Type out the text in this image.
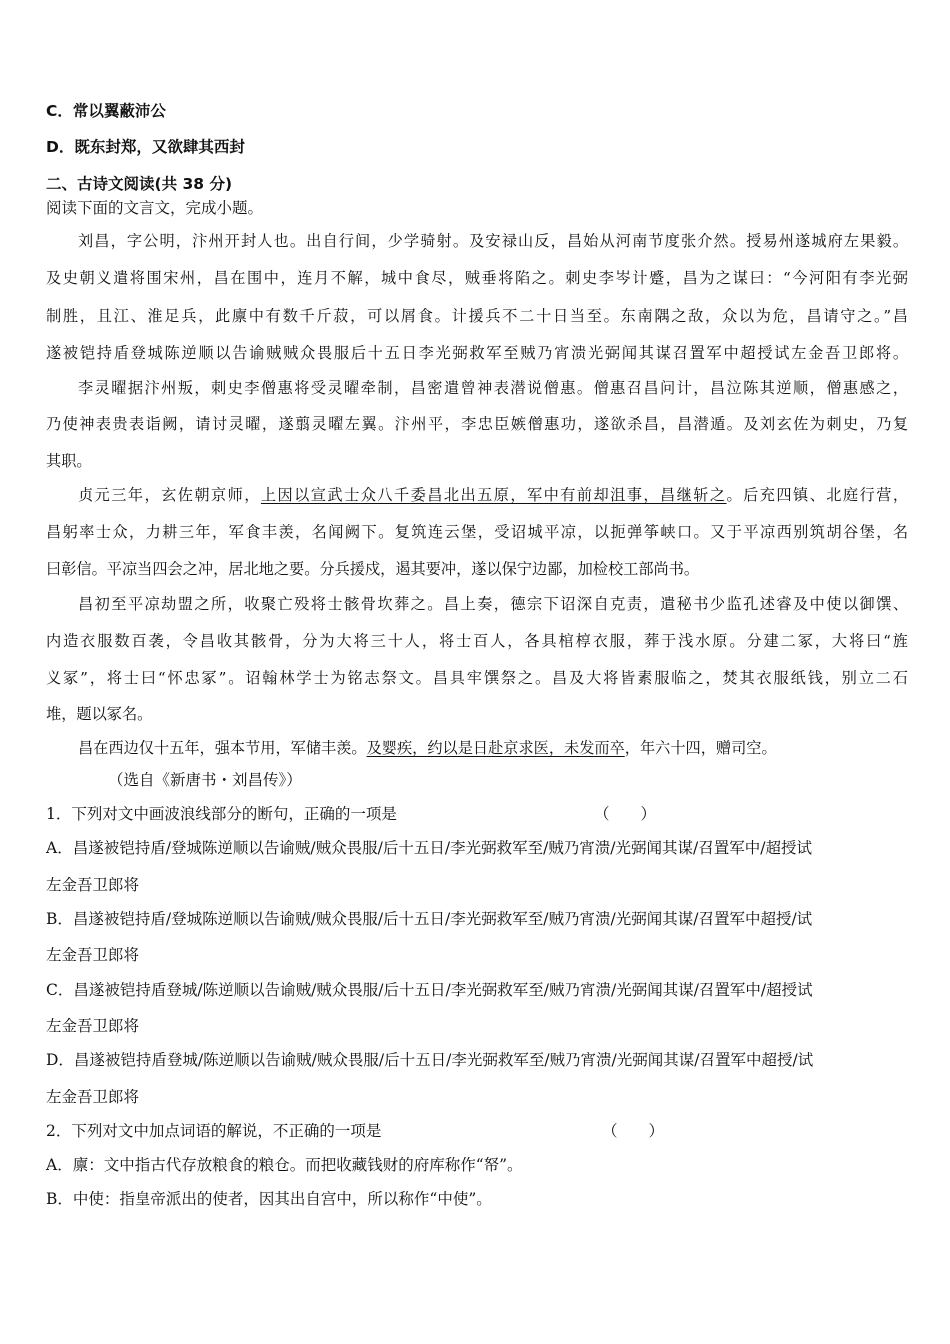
C．常以翼蔽沛公
D．既东封郑，又欲肆其西封
二、古诗文阅读(共 38 分)
阅读下面的文言文，完成小题。
刘昌，字公明，汴州开封人也。出自行间，少学骑射。及安禄山反，昌始从河南节度张介然。授易州遂城府左果毅。
及史朝义遣将围宋州，昌在围中，连月不解，城中食尽，贼垂将陷之。刺史李岑计蹙，昌为之谋曰：“今河阳有李光弼
制胜，且江、淮足兵，此廪中有数千斤菽，可以屑食。计援兵不二十日当至。东南隅之敌，众以为危，昌请守之。”昌
遂被铠持盾登城陈逆顺以告谕贼贼众畏服后十五日李光弼救军至贼乃宵溃光弼闻其谋召置军中超授试左金吾卫郎将。
李灵曜据汴州叛，刺史李僧惠将受灵曜牵制，昌密遣曾神表潜说僧惠。僧惠召昌问计，昌泣陈其逆顺，僧惠感之，
乃使神表贵表诣阙，请讨灵曜，遂翦灵曜左翼。汴州平，李忠臣嫉僧惠功，遂欲杀昌，昌潜遁。及刘玄佐为刺史，乃复
其职。
贞元三年，玄佐朝京师，上因以宣武士众八千委昌北出五原，军中有前却沮事，昌继斩之。后充四镇、北庭行营，
昌躬率士众，力耕三年，军食丰羡，名闻阙下。复筑连云堡，受诏城平凉，以扼弹筝峡口。又于平凉西别筑胡谷堡，名
曰彰信。平凉当四会之冲，居北地之要。分兵援戍，遏其要冲，遂以保宁边鄙，加检校工部尚书。
昌初至平凉劫盟之所，收聚亡殁将士骸骨坎葬之。昌上奏，德宗下诏深自克责，遣秘书少监孔述睿及中使以御馔、
内造衣服数百袭，令昌收其骸骨，分为大将三十人，将士百人，各具棺椁衣服，葬于浅水原。分建二冢，大将曰“旌
义冢”，将士曰“怀忠冢”。诏翰林学士为铭志祭文。昌具牢馔祭之。昌及大将皆素服临之，焚其衣服纸钱，别立二石
堆，题以冢名。
昌在西边仅十五年，强本节用，军储丰羡。及婴疾，约以是日赴京求医，未发而卒，年六十四，赠司空。
（选自《新唐书・刘昌传》）
1．下列对文中画波浪线部分的断句，正确的一项是	（　　）
A．昌遂被铠持盾/登城陈逆顺以告谕贼/贼众畏服/后十五日/李光弼救军至/贼乃宵溃/光弼闻其谋/召置军中/超授试
左金吾卫郎将
B．昌遂被铠持盾/登城陈逆顺以告谕贼/贼众畏服/后十五日/李光弼救军至/贼乃宵溃/光弼闻其谋/召置军中超授/试
左金吾卫郎将
C．昌遂被铠持盾登城/陈逆顺以告谕贼/贼众畏服/后十五日/李光弼救军至/贼乃宵溃/光弼闻其谋/召置军中/超授试
左金吾卫郎将
D．昌遂被铠持盾登城/陈逆顺以告谕贼/贼众畏服/后十五日/李光弼救军至/贼乃宵溃/光弼闻其谋/召置军中超授/试
左金吾卫郎将
2．下列对文中加点词语的解说，不正确的一项是	（　　）
A．廪：文中指古代存放粮食的粮仓。而把收藏钱财的府库称作“帑”。
B．中使：指皇帝派出的使者，因其出自宫中，所以称作“中使”。
